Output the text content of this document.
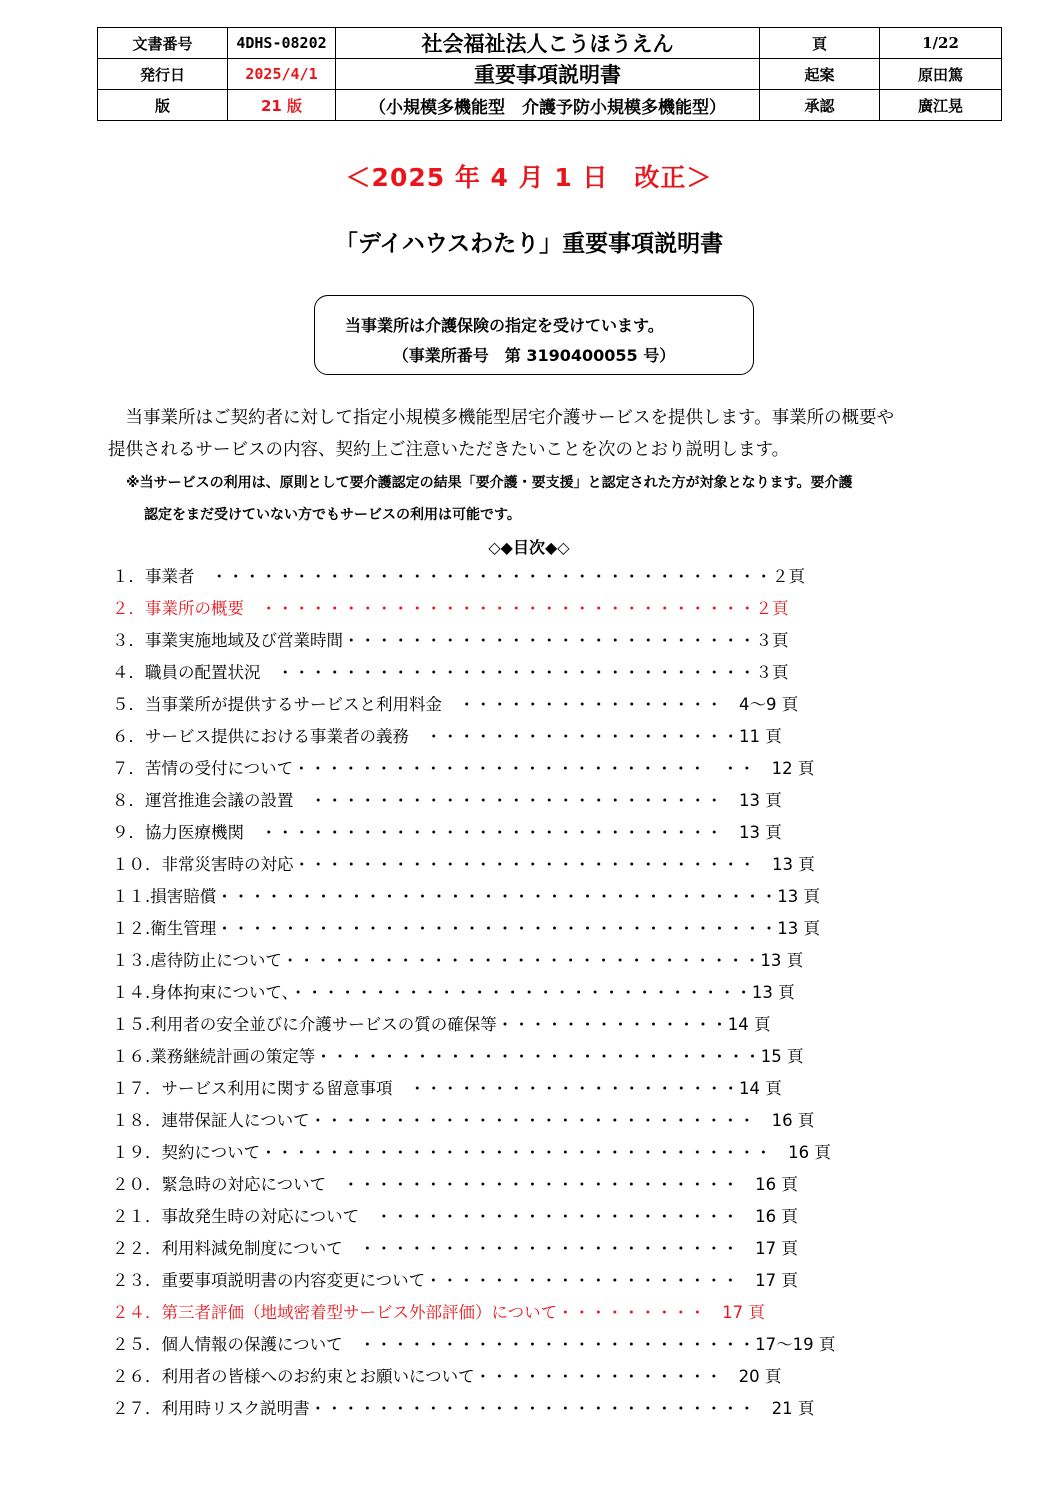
文書番号	4DHS-08202	社会福祉法人こうほうえん	頁	1/22
発行日	2025/4/1	重要事項説明書	起案	原田篤
版	21 版	（小規模多機能型　介護予防小規模多機能型）	承認	廣江晃
＜2025 年 4 月 1 日　改正＞
「デイハウスわたり」重要事項説明書
当事業所は介護保険の指定を受けています。
（事業所番号　第 3190400055 号）

　当事業所はご契約者に対して指定小規模多機能型居宅介護サービスを提供します。事業所の概要や

提供されるサービスの内容、契約上ご注意いただきたいことを次のとおり説明します。

※当サービスの利用は、原則として要介護認定の結果「要介護・要支援」と認定された方が対象となります。要介護

認定をまだ受けていない方でもサービスの利用は可能です。

◇◆目次◆◇
１．事業者　・・・・・・・・・・・・・・・・・・・・・・・・・・・・・・・・・・２頁
２．事業所の概要　・・・・・・・・・・・・・・・・・・・・・・・・・・・・・・２頁
３．事業実施地域及び営業時間・・・・・・・・・・・・・・・・・・・・・・・・・３頁
４．職員の配置状況　・・・・・・・・・・・・・・・・・・・・・・・・・・・・・３頁
５．当事業所が提供するサービスと利用料金　・・・・・・・・・・・・・・・・　4～9 頁
６．サービス提供における事業者の義務　・・・・・・・・・・・・・・・・・・・11 頁
７．苦情の受付について・・・・・・・・・・・・・・・・・・・・・・・・・　・・　12 頁
８．運営推進会議の設置　・・・・・・・・・・・・・・・・・・・・・・・・・　13 頁
９．協力医療機関　・・・・・・・・・・・・・・・・・・・・・・・・・・・・　13 頁
１０．非常災害時の対応・・・・・・・・・・・・・・・・・・・・・・・・・・・・　13 頁
１１.損害賠償・・・・・・・・・・・・・・・・・・・・・・・・・・・・・・・・・・13 頁
１２.衛生管理・・・・・・・・・・・・・・・・・・・・・・・・・・・・・・・・・・13 頁
１３.虐待防止について・・・・・・・・・・・・・・・・・・・・・・・・・・・・・13 頁
１４.身体拘束について、・・・・・・・・・・・・・・・・・・・・・・・・・・・・13 頁
１５.利用者の安全並びに介護サービスの質の確保等・・・・・・・・・・・・・・14 頁
１６.業務継続計画の策定等・・・・・・・・・・・・・・・・・・・・・・・・・・・15 頁
１７．サービス利用に関する留意事項　・・・・・・・・・・・・・・・・・・・・14 頁
１８．連帯保証人について・・・・・・・・・・・・・・・・・・・・・・・・・・・　16 頁
１９．契約について・・・・・・・・・・・・・・・・・・・・・・・・・・・・・・・　16 頁
２０．緊急時の対応について　・・・・・・・・・・・・・・・・・・・・・・・・　16 頁
２１．事故発生時の対応について　・・・・・・・・・・・・・・・・・・・・・・　16 頁
２２．利用料減免制度について　・・・・・・・・・・・・・・・・・・・・・・・　17 頁
２３．重要事項説明書の内容変更について・・・・・・・・・・・・・・・・・・・　17 頁
２４．第三者評価（地域密着型サービス外部評価）について・・・・・・・・・　17 頁
２５．個人情報の保護について　・・・・・・・・・・・・・・・・・・・・・・・・17～19 頁
２６．利用者の皆様へのお約束とお願いについて・・・・・・・・・・・・・・・　20 頁
２７．利用時リスク説明書・・・・・・・・・・・・・・・・・・・・・・・・・・・　21 頁
